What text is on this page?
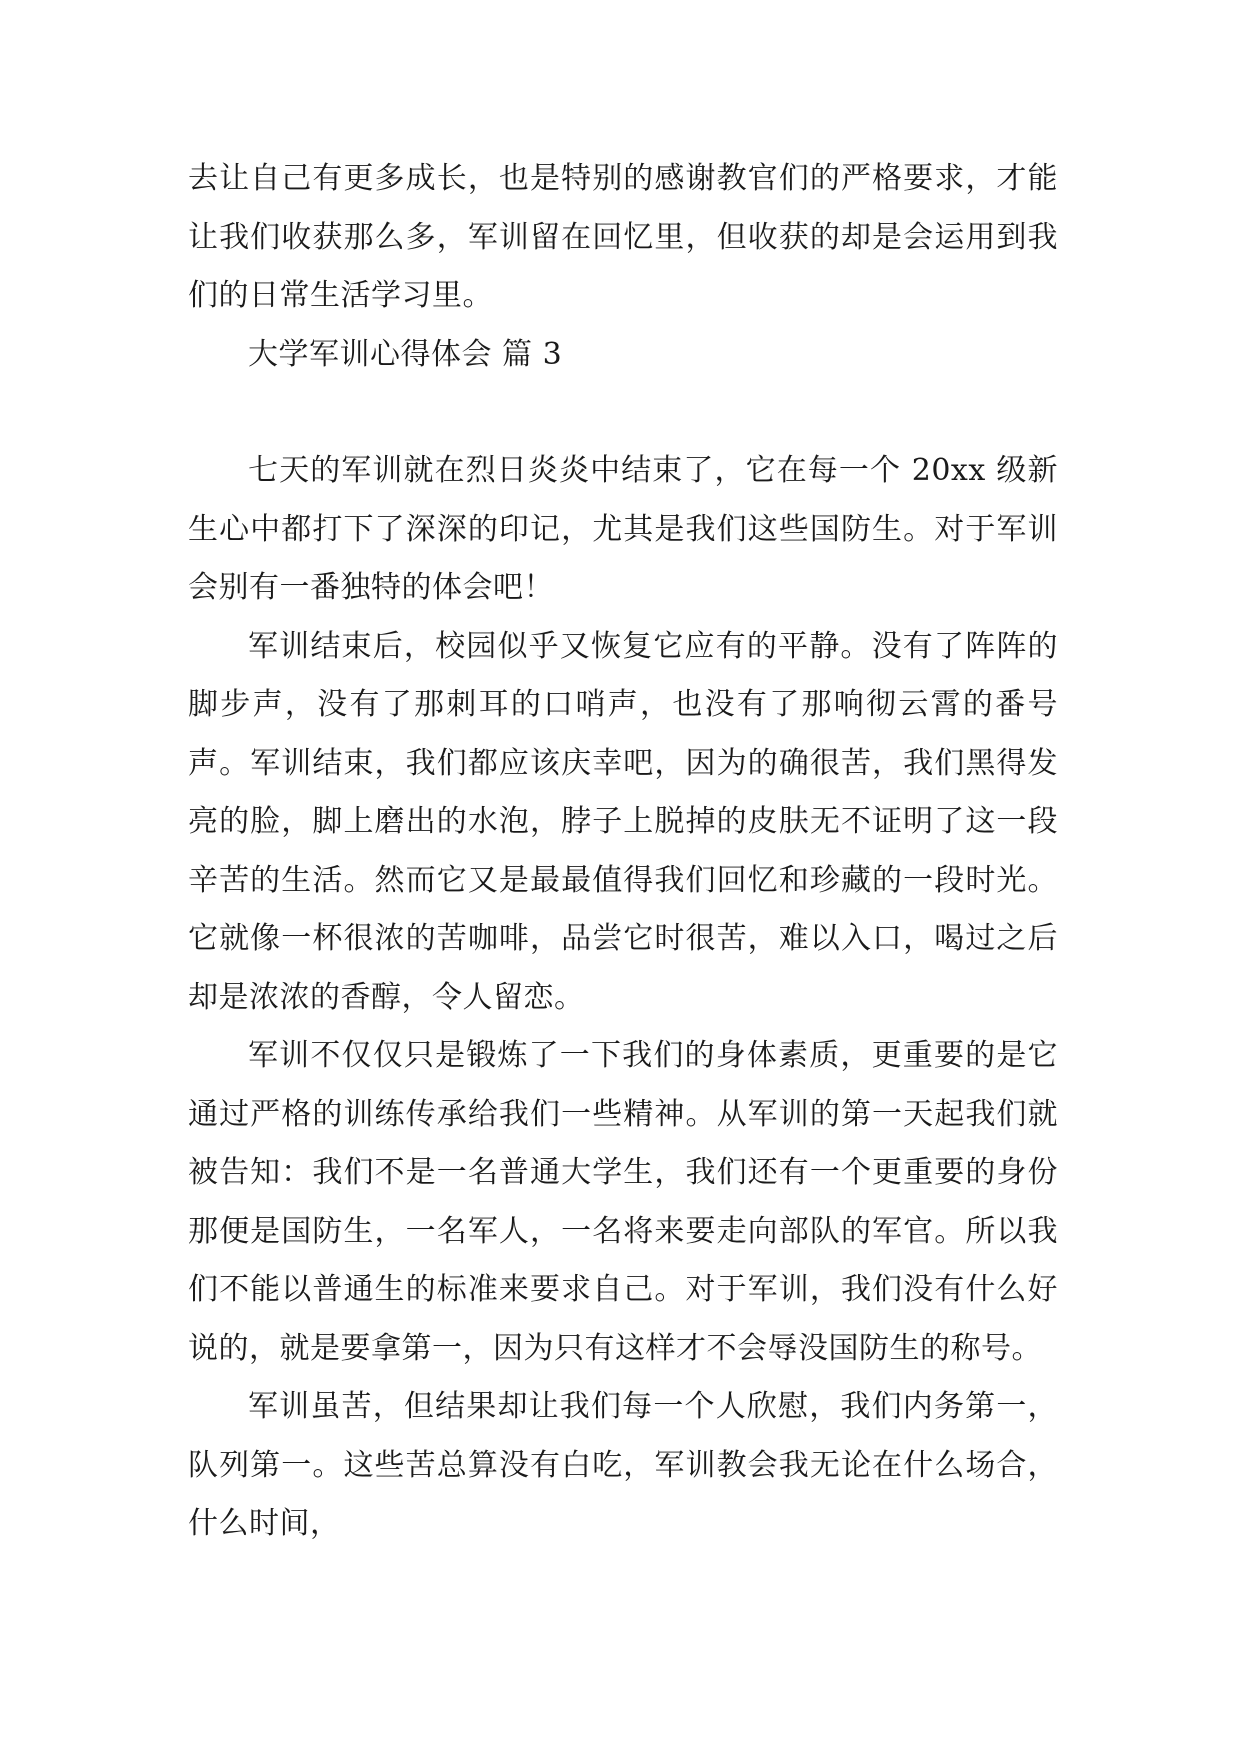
去让自己有更多成长，也是特别的感谢教官们的严格要求，才能让我们收获那么多，军训留在回忆里，但收获的却是会运用到我们的日常生活学习里。

大学军训心得体会 篇 3

七天的军训就在烈日炎炎中结束了，它在每一个 20xx 级新生心中都打下了深深的印记，尤其是我们这些国防生。对于军训会别有一番独特的体会吧！

军训结束后，校园似乎又恢复它应有的平静。没有了阵阵的脚步声，没有了那刺耳的口哨声，也没有了那响彻云霄的番号声。军训结束，我们都应该庆幸吧，因为的确很苦，我们黑得发亮的脸，脚上磨出的水泡，脖子上脱掉的皮肤无不证明了这一段辛苦的生活。然而它又是最最值得我们回忆和珍藏的一段时光。它就像一杯很浓的苦咖啡，品尝它时很苦，难以入口，喝过之后却是浓浓的香醇，令人留恋。

军训不仅仅只是锻炼了一下我们的身体素质，更重要的是它通过严格的训练传承给我们一些精神。从军训的第一天起我们就被告知：我们不是一名普通大学生，我们还有一个更重要的身份那便是国防生，一名军人，一名将来要走向部队的军官。所以我们不能以普通生的标准来要求自己。对于军训，我们没有什么好说的，就是要拿第一，因为只有这样才不会辱没国防生的称号。

军训虽苦，但结果却让我们每一个人欣慰，我们内务第一，队列第一。这些苦总算没有白吃，军训教会我无论在什么场合，什么时间，
